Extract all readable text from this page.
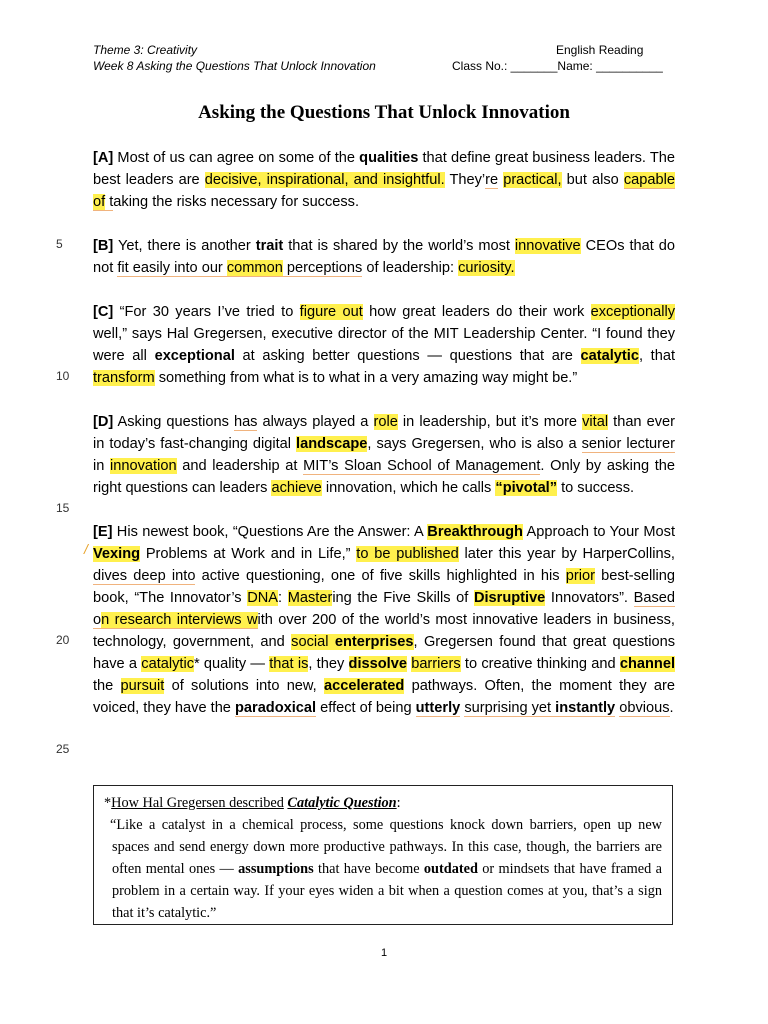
Theme 3: Creativity
Week 8 Asking the Questions That Unlock Innovation
English Reading
Class No.: _______Name: __________
Asking the Questions That Unlock Innovation
5
10
15
20
25
/

[A] Most of us can agree on some of the qualities that define great business leaders. The best leaders are decisive, inspirational, and insightful. They’re practical, but also capable of taking the risks necessary for success.

[B] Yet, there is another trait that is shared by the world’s most innovative CEOs that do not fit easily into our common perceptions of leadership: curiosity.

[C] “For 30 years I’ve tried to figure out how great leaders do their work exceptionally well,” says Hal Gregersen, executive director of the MIT Leadership Center. “I found they were all exceptional at asking better questions — questions that are catalytic, that transform something from what is to what in a very amazing way might be.”

[D] Asking questions has always played a role in leadership, but it’s more vital than ever in today’s fast-changing digital landscape, says Gregersen, who is also a senior lecturer in innovation and leadership at MIT’s Sloan School of Management. Only by asking the right questions can leaders achieve innovation, which he calls “pivotal” to success.

[E] His newest book, “Questions Are the Answer: A Breakthrough Approach to Your Most Vexing Problems at Work and in Life,” to be published later this year by HarperCollins, dives deep into active questioning, one of five skills highlighted in his prior best-selling book, “The Innovator’s DNA: Mastering the Five Skills of Disruptive Innovators”. Based on research interviews with over 200 of the world’s most innovative leaders in business, technology, government, and social enterprises, Gregersen found that great questions have a catalytic* quality — that is, they dissolve barriers to creative thinking and channel the pursuit of solutions into new, accelerated pathways. Often, the moment they are voiced, they have the paradoxical effect of being utterly surprising yet instantly obvious.

*How Hal Gregersen described Catalytic Question:
“Like a catalyst in a chemical process, some questions knock down barriers, open up new spaces and send energy down more productive pathways. In this case, though, the barriers are often mental ones — assumptions that have become outdated or mindsets that have framed a problem in a certain way. If your eyes widen a bit when a question comes at you, that’s a sign that it’s catalytic.”
1
